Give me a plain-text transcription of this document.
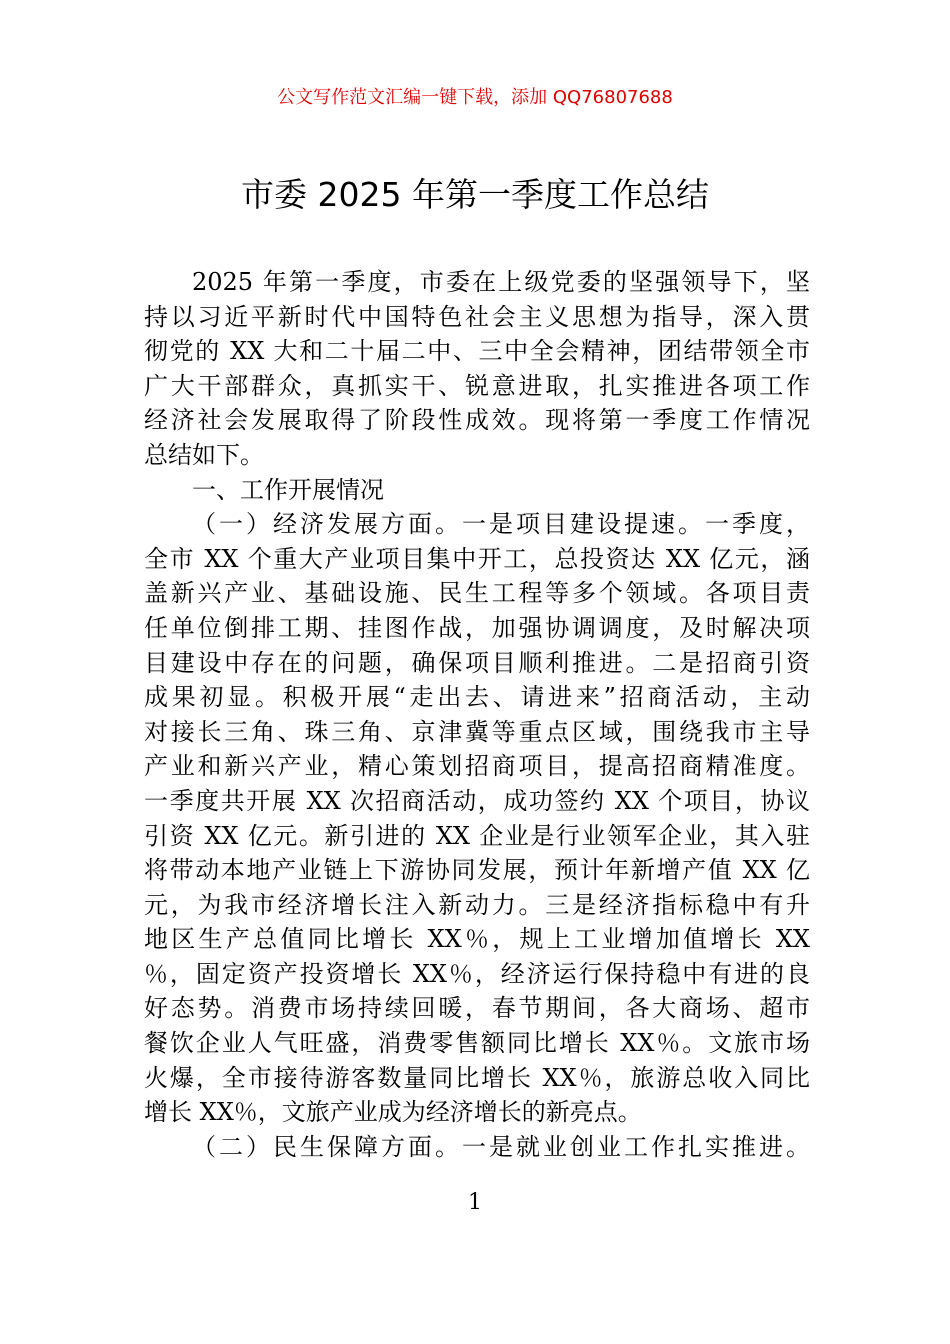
公文写作范文汇编一键下载，添加 QQ76807688
市委 2025 年第一季度工作总结
2025 年第一季度，市委在上级党委的坚强领导下，坚
持以习近平新时代中国特色社会主义思想为指导，深入贯
彻党的 XX 大和二十届二中、三中全会精神，团结带领全市
广大干部群众，真抓实干、锐意进取，扎实推进各项工作
经济社会发展取得了阶段性成效。现将第一季度工作情况
总结如下。
一、工作开展情况
（一）经济发展方面。一是项目建设提速。一季度，
全市 XX 个重大产业项目集中开工，总投资达 XX 亿元，涵
盖新兴产业、基础设施、民生工程等多个领域。各项目责
任单位倒排工期、挂图作战，加强协调调度，及时解决项
目建设中存在的问题，确保项目顺利推进。二是招商引资
成果初显。积极开展“走出去、请进来”招商活动，主动
对接长三角、珠三角、京津冀等重点区域，围绕我市主导
产业和新兴产业，精心策划招商项目，提高招商精准度。
一季度共开展 XX 次招商活动，成功签约 XX 个项目，协议
引资 XX 亿元。新引进的 XX 企业是行业领军企业，其入驻
将带动本地产业链上下游协同发展，预计年新增产值 XX 亿
元，为我市经济增长注入新动力。三是经济指标稳中有升
地区生产总值同比增长 XX％，规上工业增加值增长 XX
％，固定资产投资增长 XX％，经济运行保持稳中有进的良
好态势。消费市场持续回暖，春节期间，各大商场、超市
餐饮企业人气旺盛，消费零售额同比增长 XX％。文旅市场
火爆，全市接待游客数量同比增长 XX％，旅游总收入同比
增长 XX％，文旅产业成为经济增长的新亮点。
（二）民生保障方面。一是就业创业工作扎实推进。
1
